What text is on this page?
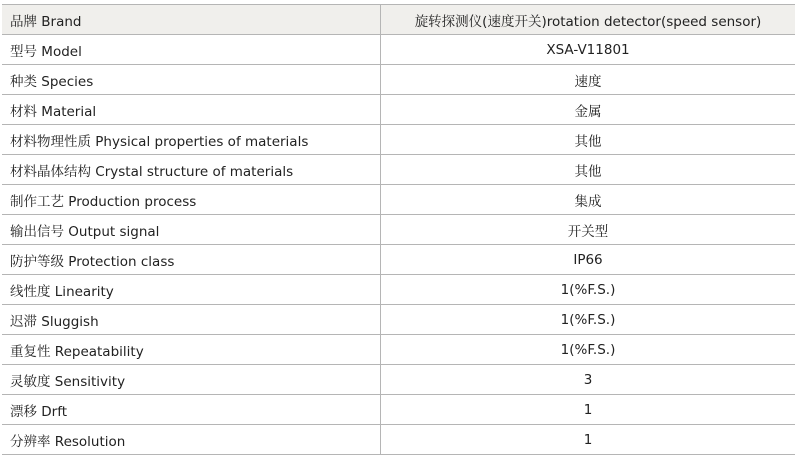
品牌 Brand	旋转探测仪(速度开关)rotation detector(speed sensor)
型号 Model	XSA-V11801
种类 Species	速度
材料 Material	金属
材料物理性质 Physical properties of materials	其他
材料晶体结构 Crystal structure of materials	其他
制作工艺 Production process	集成
输出信号 Output signal	开关型
防护等级 Protection class	IP66
线性度 Linearity	1(%F.S.)
迟滞 Sluggish	1(%F.S.)
重复性 Repeatability	1(%F.S.)
灵敏度 Sensitivity	3
漂移 Drft	1
分辨率 Resolution	1
